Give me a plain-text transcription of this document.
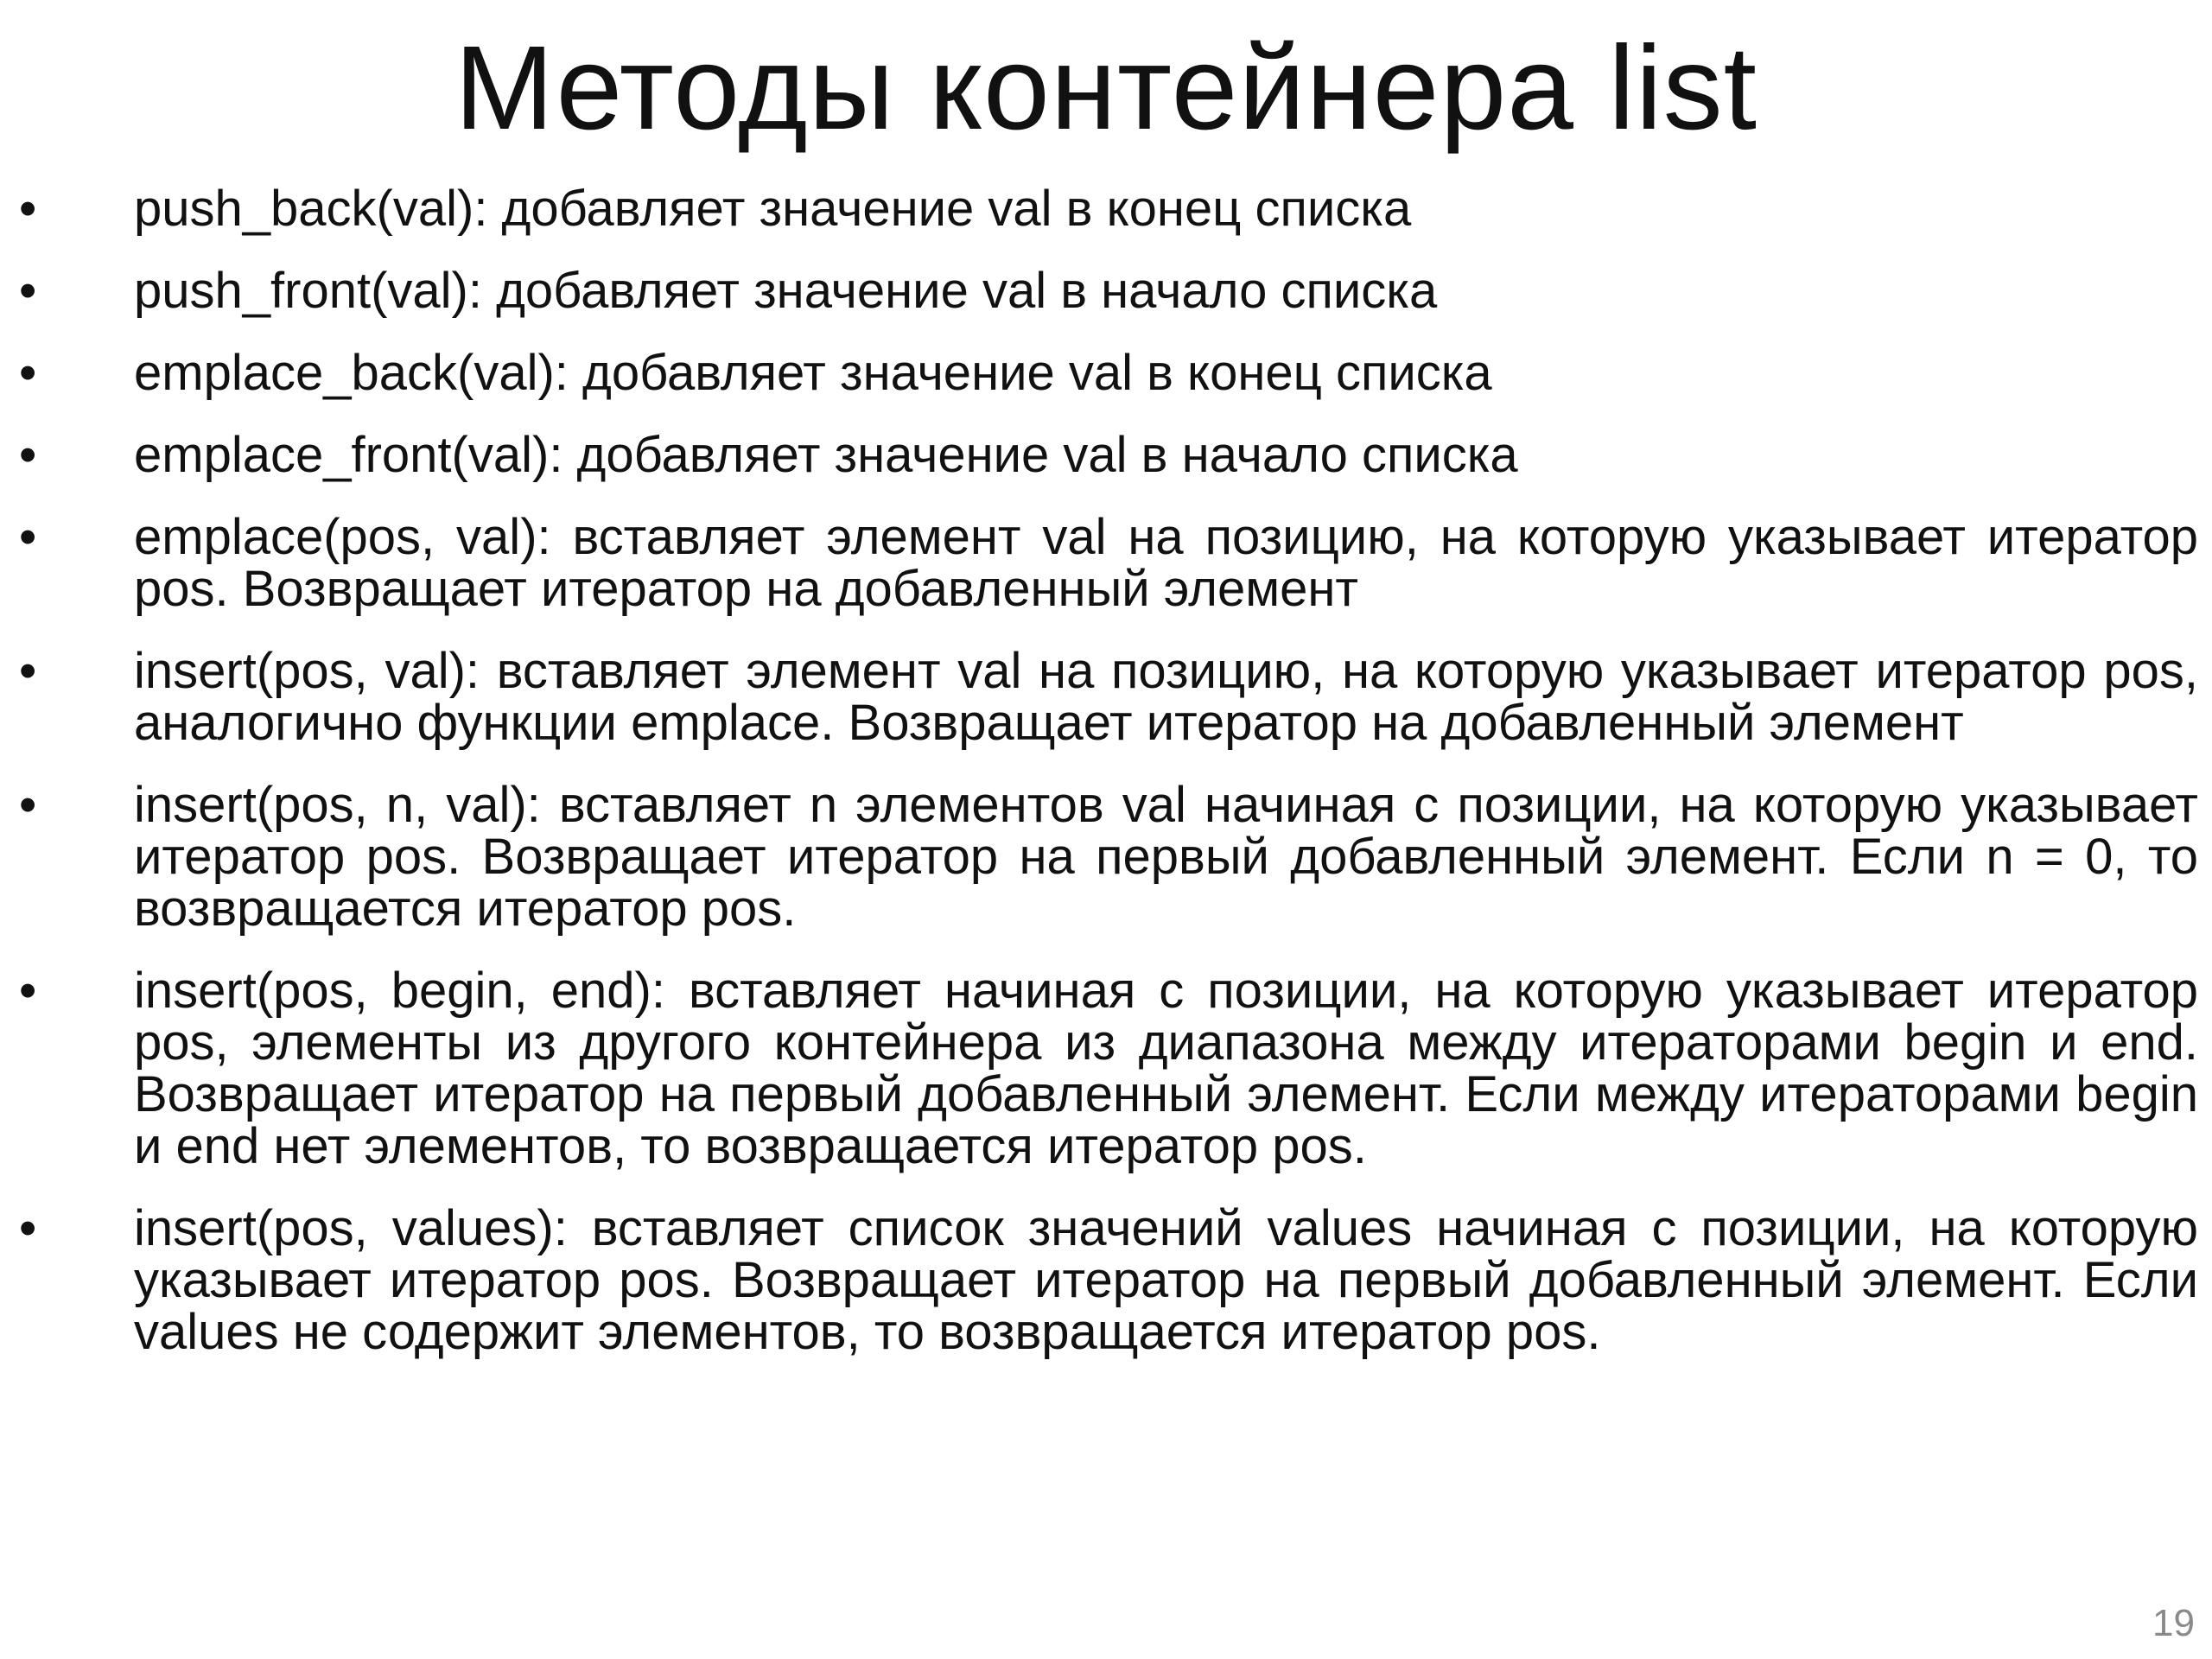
Методы контейнера list
• push_back(val): добавляет значение val в конец списка
• push_front(val): добавляет значение val в начало списка
• emplace_back(val): добавляет значение val в конец списка
• emplace_front(val): добавляет значение val в начало списка
• emplace(pos, val): вставляет элемент val на позицию, на которую указывает итератор pos. Возвращает итератор на добавленный элемент
• insert(pos, val): вставляет элемент val на позицию, на которую указывает итератор pos, аналогично функции emplace. Возвращает итератор на добавленный элемент
• insert(pos, n, val): вставляет n элементов val начиная с позиции, на которую указывает итератор pos. Возвращает итератор на первый добавленный элемент. Если n = 0, то возвращается итератор pos.
• insert(pos, begin, end): вставляет начиная с позиции, на которую указывает итератор pos, элементы из другого контейнера из диапазона между итераторами begin и end. Возвращает итератор на первый добавленный элемент. Если между итераторами begin и end нет элементов, то возвращается итератор pos.
• insert(pos, values): вставляет список значений values начиная с позиции, на которую указывает итератор pos. Возвращает итератор на первый добавленный элемент. Если values не содержит элементов, то возвращается итератор pos.
19
